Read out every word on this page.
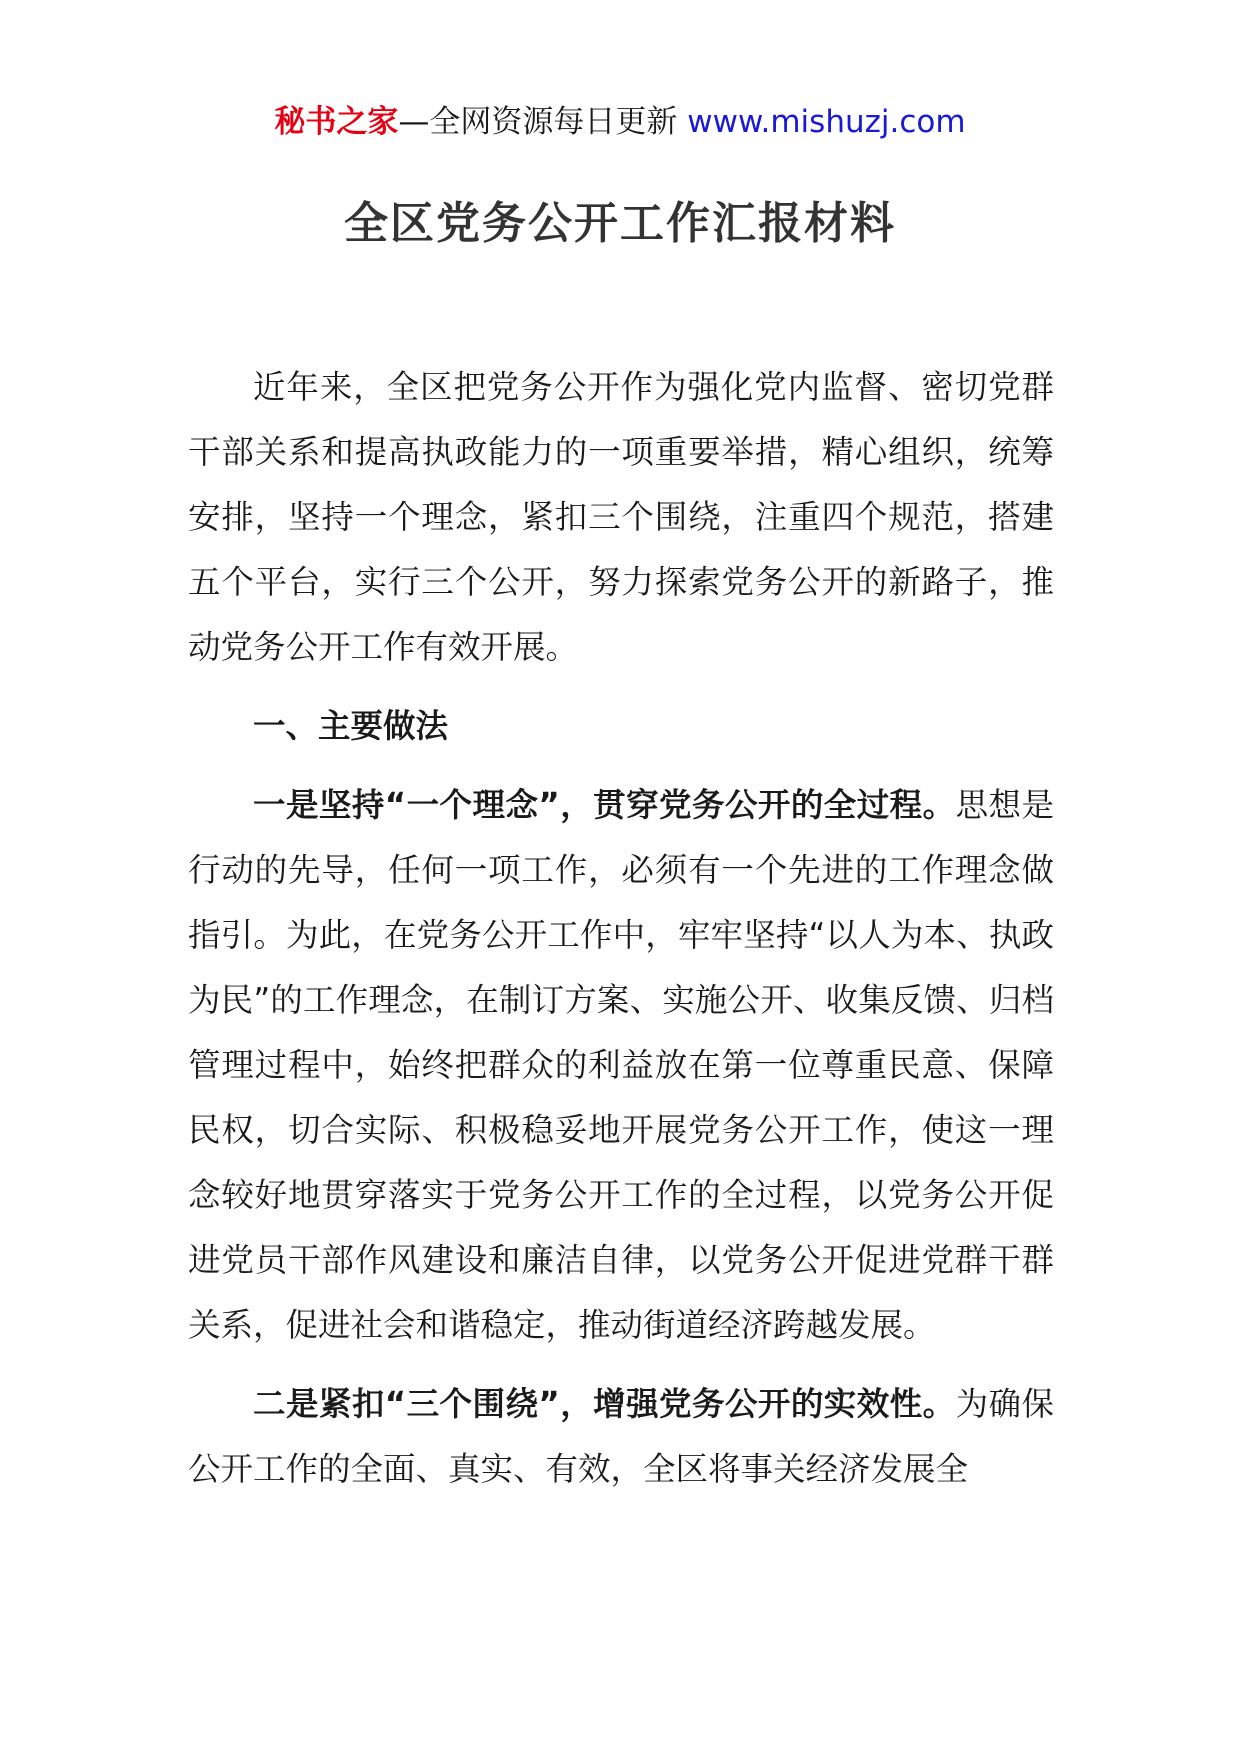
秘书之家—全网资源每日更新 www.mishuzj.com
全区党务公开工作汇报材料

近年来，全区把党务公开作为强化党内监督、密切党群干部关系和提高执政能力的一项重要举措，精心组织，统筹安排，坚持一个理念，紧扣三个围绕，注重四个规范，搭建五个平台，实行三个公开，努力探索党务公开的新路子，推动党务公开工作有效开展。

一、主要做法

一是坚持“一个理念”，贯穿党务公开的全过程。思想是行动的先导，任何一项工作，必须有一个先进的工作理念做指引。为此，在党务公开工作中，牢牢坚持“以人为本、执政为民”的工作理念，在制订方案、实施公开、收集反馈、归档管理过程中，始终把群众的利益放在第一位尊重民意、保障民权，切合实际、积极稳妥地开展党务公开工作，使这一理念较好地贯穿落实于党务公开工作的全过程，以党务公开促进党员干部作风建设和廉洁自律，以党务公开促进党群干群关系，促进社会和谐稳定，推动街道经济跨越发展。

二是紧扣“三个围绕”，增强党务公开的实效性。为确保公开工作的全面、真实、有效，全区将事关经济发展全
